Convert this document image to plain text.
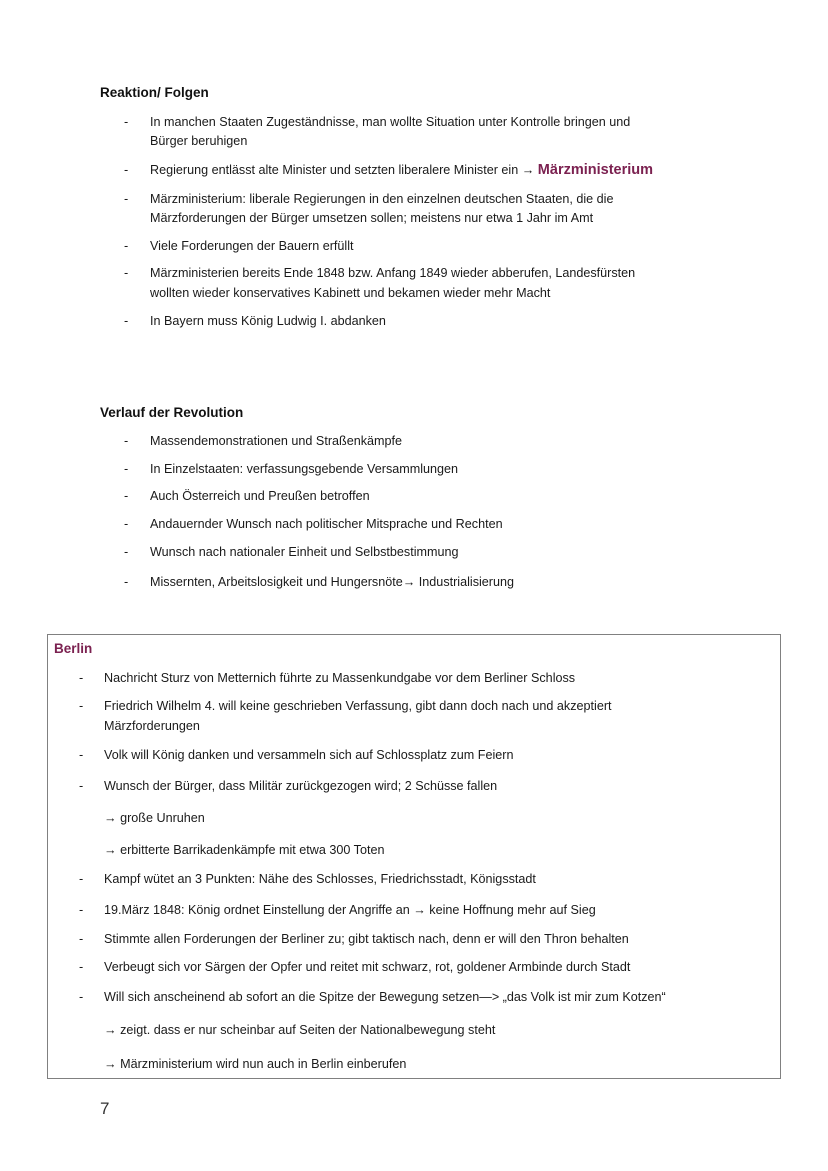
Reaktion/ Folgen
- In manchen Staaten Zugeständnisse, man wollte Situation unter Kontrolle bringen und
Bürger beruhigen
- Regierung entlässt alte Minister und setzten liberalere Minister ein → Märzministerium
- Märzministerium: liberale Regierungen in den einzelnen deutschen Staaten, die die
Märzforderungen der Bürger umsetzen sollen; meistens nur etwa 1 Jahr im Amt
- Viele Forderungen der Bauern erfüllt
- Märzministerien bereits Ende 1848 bzw. Anfang 1849 wieder abberufen, Landesfürsten
wollten wieder konservatives Kabinett und bekamen wieder mehr Macht
- In Bayern muss König Ludwig I. abdanken
Verlauf der Revolution
- Massendemonstrationen und Straßenkämpfe
- In Einzelstaaten: verfassungsgebende Versammlungen
- Auch Österreich und Preußen betroffen
- Andauernder Wunsch nach politischer Mitsprache und Rechten
- Wunsch nach nationaler Einheit und Selbstbestimmung
- Missernten, Arbeitslosigkeit und Hungersnöte→ Industrialisierung
Berlin
- Nachricht Sturz von Metternich führte zu Massenkundgabe vor dem Berliner Schloss
- Friedrich Wilhelm 4. will keine geschrieben Verfassung, gibt dann doch nach und akzeptiert
Märzforderungen
- Volk will König danken und versammeln sich auf Schlossplatz zum Feiern
- Wunsch der Bürger, dass Militär zurückgezogen wird; 2 Schüsse fallen
→ große Unruhen
→ erbitterte Barrikadenkämpfe mit etwa 300 Toten
- Kampf wütet an 3 Punkten: Nähe des Schlosses, Friedrichsstadt, Königsstadt
- 19.März 1848: König ordnet Einstellung der Angriffe an → keine Hoffnung mehr auf Sieg
- Stimmte allen Forderungen der Berliner zu; gibt taktisch nach, denn er will den Thron behalten
- Verbeugt sich vor Särgen der Opfer und reitet mit schwarz, rot, goldener Armbinde durch Stadt
- Will sich anscheinend ab sofort an die Spitze der Bewegung setzen—> „das Volk ist mir zum Kotzen“
→ zeigt. dass er nur scheinbar auf Seiten der Nationalbewegung steht
→ Märzministerium wird nun auch in Berlin einberufen
7
